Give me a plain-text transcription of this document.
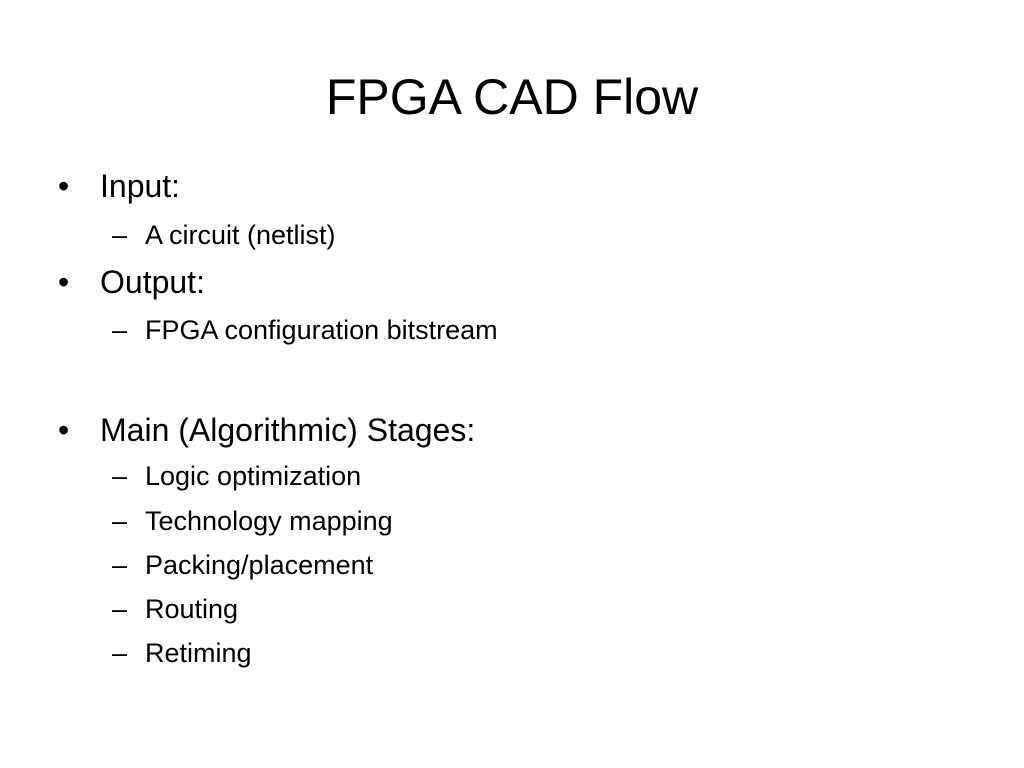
FPGA CAD Flow
• Input:
– A circuit (netlist)
• Output:
– FPGA configuration bitstream
• Main (Algorithmic) Stages:
– Logic optimization
– Technology mapping
– Packing/placement
– Routing
– Retiming
